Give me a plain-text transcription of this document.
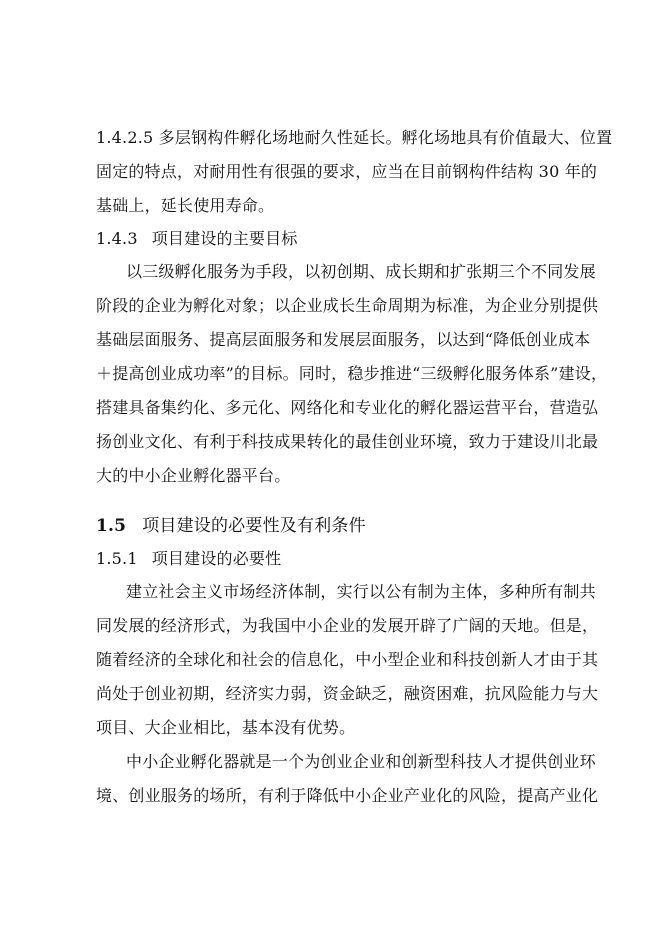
1.4.2.5 多层钢构件孵化场地耐久性延长。孵化场地具有价值最大、位置
固定的特点，对耐用性有很强的要求，应当在目前钢构件结构 30 年的
基础上，延长使用寿命。
1.4.3 项目建设的主要目标
以三级孵化服务为手段，以初创期、成长期和扩张期三个不同发展
阶段的企业为孵化对象；以企业成长生命周期为标准，为企业分别提供
基础层面服务、提高层面服务和发展层面服务，以达到“降低创业成本
＋提高创业成功率”的目标。同时，稳步推进“三级孵化服务体系”建设，
搭建具备集约化、多元化、网络化和专业化的孵化器运营平台，营造弘
扬创业文化、有利于科技成果转化的最佳创业环境，致力于建设川北最
大的中小企业孵化器平台。
1.5 项目建设的必要性及有利条件
1.5.1 项目建设的必要性
建立社会主义市场经济体制，实行以公有制为主体，多种所有制共
同发展的经济形式，为我国中小企业的发展开辟了广阔的天地。但是，
随着经济的全球化和社会的信息化，中小型企业和科技创新人才由于其
尚处于创业初期，经济实力弱，资金缺乏，融资困难，抗风险能力与大
项目、大企业相比，基本没有优势。
中小企业孵化器就是一个为创业企业和创新型科技人才提供创业环
境、创业服务的场所，有利于降低中小企业产业化的风险，提高产业化
